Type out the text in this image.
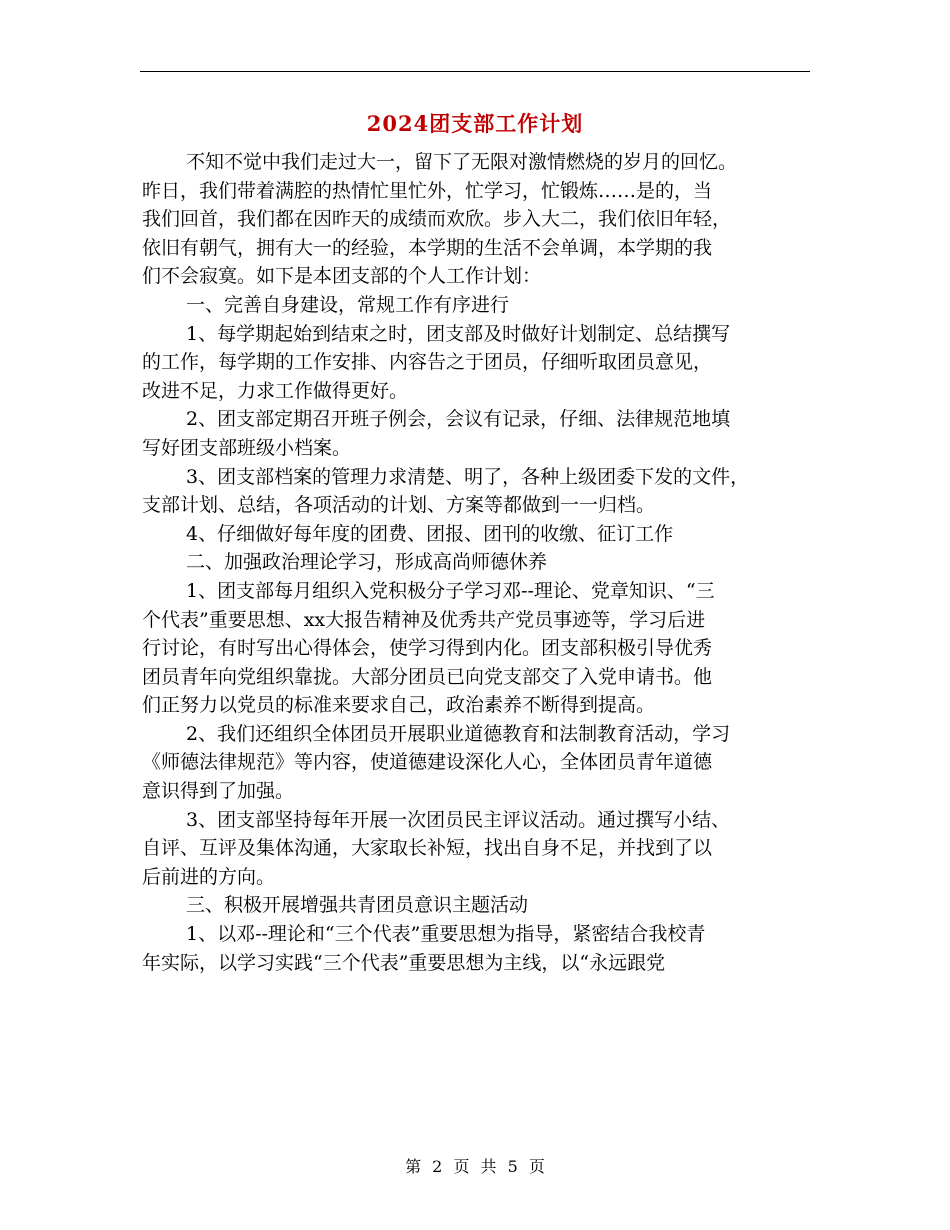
2024团支部工作计划
不知不觉中我们走过大一，留下了无限对激情燃烧的岁月的回忆。
昨日，我们带着满腔的热情忙里忙外，忙学习，忙锻炼……是的，当
我们回首，我们都在因昨天的成绩而欢欣。步入大二，我们依旧年轻，
依旧有朝气，拥有大一的经验，本学期的生活不会单调，本学期的我
们不会寂寞。如下是本团支部的个人工作计划：
一、完善自身建设，常规工作有序进行
1、每学期起始到结束之时，团支部及时做好计划制定、总结撰写
的工作，每学期的工作安排、内容告之于团员，仔细听取团员意见，
改进不足，力求工作做得更好。
2、团支部定期召开班子例会，会议有记录，仔细、法律规范地填
写好团支部班级小档案。
3、团支部档案的管理力求清楚、明了，各种上级团委下发的文件，
支部计划、总结，各项活动的计划、方案等都做到一一归档。
4、仔细做好每年度的团费、团报、团刊的收缴、征订工作
二、加强政治理论学习，形成高尚师德休养
1、团支部每月组织入党积极分子学习邓--理论、党章知识、“三
个代表”重要思想、xx大报告精神及优秀共产党员事迹等，学习后进
行讨论，有时写出心得体会，使学习得到内化。团支部积极引导优秀
团员青年向党组织靠拢。大部分团员已向党支部交了入党申请书。他
们正努力以党员的标准来要求自己，政治素养不断得到提高。
2、我们还组织全体团员开展职业道德教育和法制教育活动，学习
《师德法律规范》等内容，使道德建设深化人心，全体团员青年道德
意识得到了加强。
3、团支部坚持每年开展一次团员民主评议活动。通过撰写小结、
自评、互评及集体沟通，大家取长补短，找出自身不足，并找到了以
后前进的方向。
三、积极开展增强共青团员意识主题活动
1、以邓--理论和“三个代表”重要思想为指导，紧密结合我校青
年实际，以学习实践“三个代表”重要思想为主线，以“永远跟党

第 2 页 共 5 页
